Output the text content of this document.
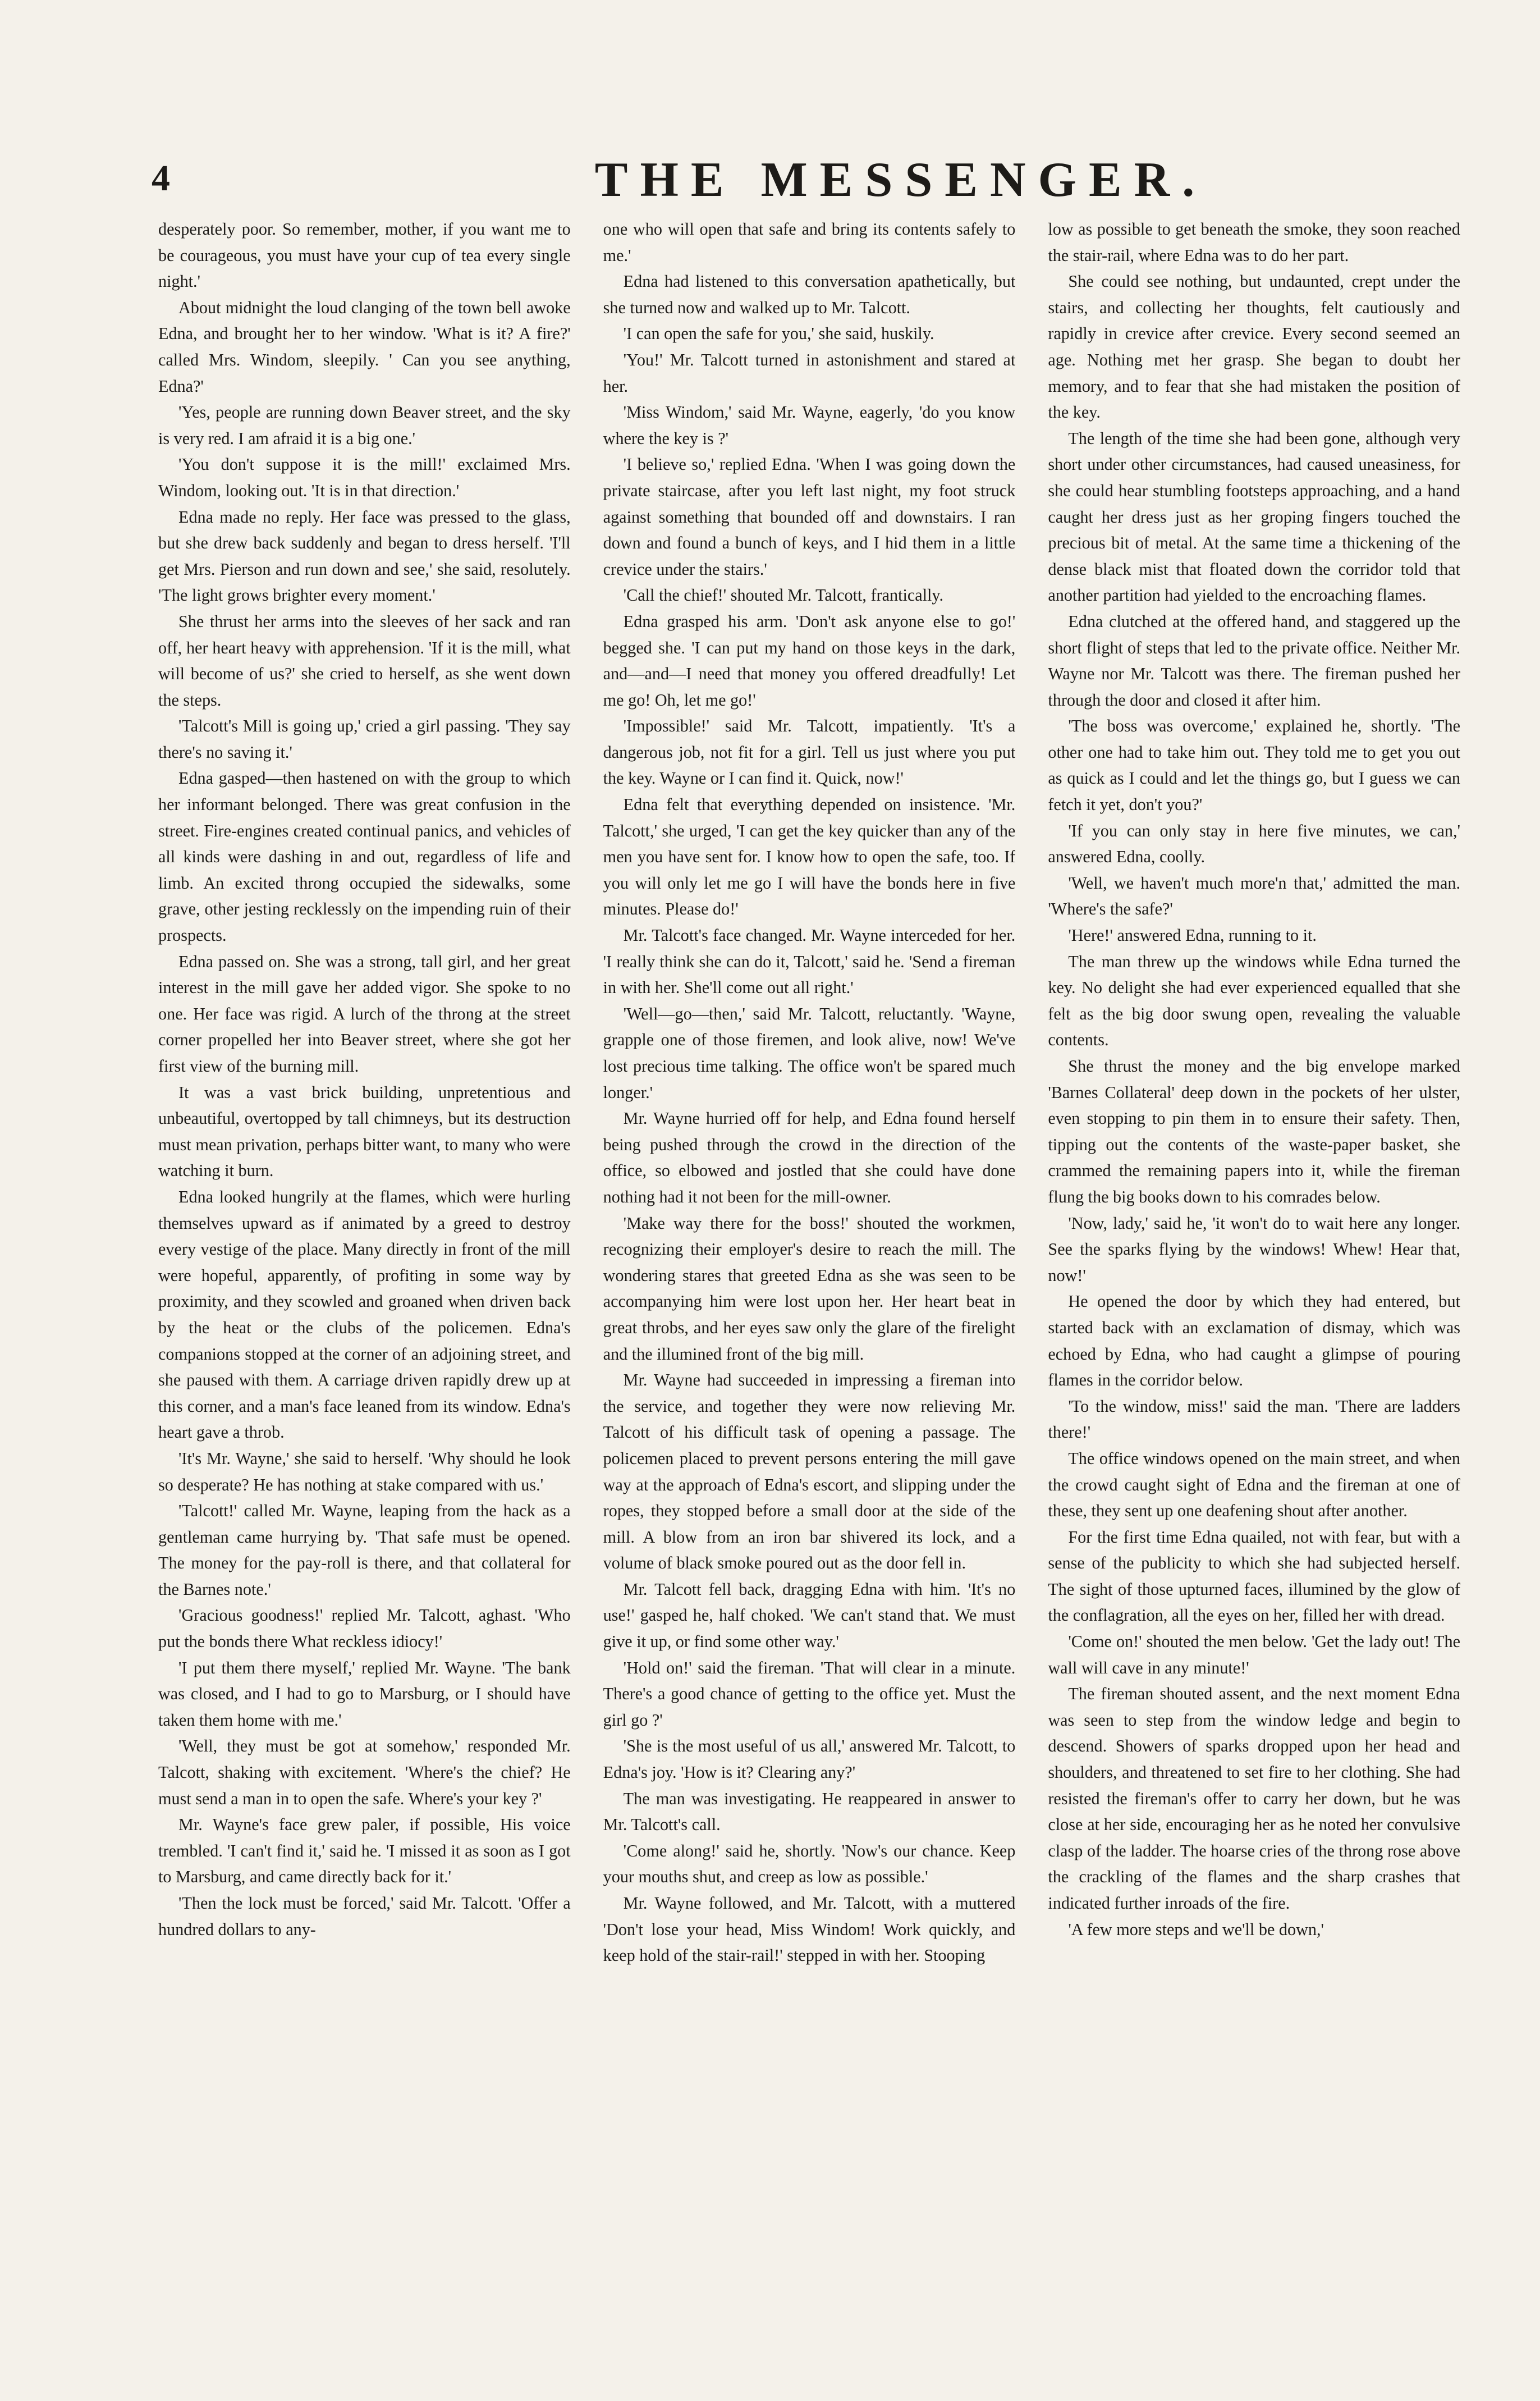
4	THE MESSENGER.

desperately poor. So remember, mother, if you want me to be courageous, you must have your cup of tea every single night.'

About midnight the loud clanging of the town bell awoke Edna, and brought her to her window. 'What is it? A fire?' called Mrs. Windom, sleepily. ' Can you see anything, Edna?'

'Yes, people are running down Beaver street, and the sky is very red. I am afraid it is a big one.'

'You don't suppose it is the mill!' exclaimed Mrs. Windom, looking out. 'It is in that direction.'

Edna made no reply. Her face was pressed to the glass, but she drew back suddenly and began to dress herself. 'I'll get Mrs. Pierson and run down and see,' she said, resolutely. 'The light grows brighter every moment.'

She thrust her arms into the sleeves of her sack and ran off, her heart heavy with apprehension. 'If it is the mill, what will become of us?' she cried to herself, as she went down the steps.

'Talcott's Mill is going up,' cried a girl passing. 'They say there's no saving it.'

Edna gasped—then hastened on with the group to which her informant belonged. There was great confusion in the street. Fire-engines created continual panics, and vehicles of all kinds were dashing in and out, regardless of life and limb. An excited throng occupied the sidewalks, some grave, other jesting recklessly on the impending ruin of their prospects.

Edna passed on. She was a strong, tall girl, and her great interest in the mill gave her added vigor. She spoke to no one. Her face was rigid. A lurch of the throng at the street corner propelled her into Beaver street, where she got her first view of the burning mill.

It was a vast brick building, unpretentious and unbeautiful, overtopped by tall chimneys, but its destruction must mean privation, perhaps bitter want, to many who were watching it burn.

Edna looked hungrily at the flames, which were hurling themselves upward as if animated by a greed to destroy every vestige of the place. Many directly in front of the mill were hopeful, apparently, of profiting in some way by proximity, and they scowled and groaned when driven back by the heat or the clubs of the policemen. Edna's companions stopped at the corner of an adjoining street, and she paused with them. A carriage driven rapidly drew up at this corner, and a man's face leaned from its window. Edna's heart gave a throb.

'It's Mr. Wayne,' she said to herself. 'Why should he look so desperate? He has nothing at stake compared with us.'

'Talcott!' called Mr. Wayne, leaping from the hack as a gentleman came hurrying by. 'That safe must be opened. The money for the pay-roll is there, and that collateral for the Barnes note.'

'Gracious goodness!' replied Mr. Talcott, aghast. 'Who put the bonds there What reckless idiocy!'

'I put them there myself,' replied Mr. Wayne. 'The bank was closed, and I had to go to Marsburg, or I should have taken them home with me.'

'Well, they must be got at somehow,' responded Mr. Talcott, shaking with excitement. 'Where's the chief? He must send a man in to open the safe. Where's your key ?'

Mr. Wayne's face grew paler, if possible, His voice trembled. 'I can't find it,' said he. 'I missed it as soon as I got to Marsburg, and came directly back for it.'

'Then the lock must be forced,' said Mr. Talcott. 'Offer a hundred dollars to any-

one who will open that safe and bring its contents safely to me.'

Edna had listened to this conversation apathetically, but she turned now and walked up to Mr. Talcott.

'I can open the safe for you,' she said, huskily.

'You!' Mr. Talcott turned in astonishment and stared at her.

'Miss Windom,' said Mr. Wayne, eagerly, 'do you know where the key is ?'

'I believe so,' replied Edna. 'When I was going down the private staircase, after you left last night, my foot struck against something that bounded off and downstairs. I ran down and found a bunch of keys, and I hid them in a little crevice under the stairs.'

'Call the chief!' shouted Mr. Talcott, frantically.

Edna grasped his arm. 'Don't ask anyone else to go!' begged she. 'I can put my hand on those keys in the dark, and—and—I need that money you offered dreadfully! Let me go! Oh, let me go!'

'Impossible!' said Mr. Talcott, impatiently. 'It's a dangerous job, not fit for a girl. Tell us just where you put the key. Wayne or I can find it. Quick, now!'

Edna felt that everything depended on insistence. 'Mr. Talcott,' she urged, 'I can get the key quicker than any of the men you have sent for. I know how to open the safe, too. If you will only let me go I will have the bonds here in five minutes. Please do!'

Mr. Talcott's face changed. Mr. Wayne interceded for her. 'I really think she can do it, Talcott,' said he. 'Send a fireman in with her. She'll come out all right.'

'Well—go—then,' said Mr. Talcott, reluctantly. 'Wayne, grapple one of those firemen, and look alive, now! We've lost precious time talking. The office won't be spared much longer.'

Mr. Wayne hurried off for help, and Edna found herself being pushed through the crowd in the direction of the office, so elbowed and jostled that she could have done nothing had it not been for the mill-owner.

'Make way there for the boss!' shouted the workmen, recognizing their employer's desire to reach the mill. The wondering stares that greeted Edna as she was seen to be accompanying him were lost upon her. Her heart beat in great throbs, and her eyes saw only the glare of the firelight and the illumined front of the big mill.

Mr. Wayne had succeeded in impressing a fireman into the service, and together they were now relieving Mr. Talcott of his difficult task of opening a passage. The policemen placed to prevent persons entering the mill gave way at the approach of Edna's escort, and slipping under the ropes, they stopped before a small door at the side of the mill. A blow from an iron bar shivered its lock, and a volume of black smoke poured out as the door fell in.

Mr. Talcott fell back, dragging Edna with him. 'It's no use!' gasped he, half choked. 'We can't stand that. We must give it up, or find some other way.'

'Hold on!' said the fireman. 'That will clear in a minute. There's a good chance of getting to the office yet. Must the girl go ?'

'She is the most useful of us all,' answered Mr. Talcott, to Edna's joy. 'How is it? Clearing any?'

The man was investigating. He reappeared in answer to Mr. Talcott's call.

'Come along!' said he, shortly. 'Now's our chance. Keep your mouths shut, and creep as low as possible.'

Mr. Wayne followed, and Mr. Talcott, with a muttered 'Don't lose your head, Miss Windom! Work quickly, and keep hold of the stair-rail!' stepped in with her. Stooping

low as possible to get beneath the smoke, they soon reached the stair-rail, where Edna was to do her part.

She could see nothing, but undaunted, crept under the stairs, and collecting her thoughts, felt cautiously and rapidly in crevice after crevice. Every second seemed an age. Nothing met her grasp. She began to doubt her memory, and to fear that she had mistaken the position of the key.

The length of the time she had been gone, although very short under other circumstances, had caused uneasiness, for she could hear stumbling footsteps approaching, and a hand caught her dress just as her groping fingers touched the precious bit of metal. At the same time a thickening of the dense black mist that floated down the corridor told that another partition had yielded to the encroaching flames.

Edna clutched at the offered hand, and staggered up the short flight of steps that led to the private office. Neither Mr. Wayne nor Mr. Talcott was there. The fireman pushed her through the door and closed it after him.

'The boss was overcome,' explained he, shortly. 'The other one had to take him out. They told me to get you out as quick as I could and let the things go, but I guess we can fetch it yet, don't you?'

'If you can only stay in here five minutes, we can,' answered Edna, coolly.

'Well, we haven't much more'n that,' admitted the man. 'Where's the safe?'

'Here!' answered Edna, running to it.

The man threw up the windows while Edna turned the key. No delight she had ever experienced equalled that she felt as the big door swung open, revealing the valuable contents.

She thrust the money and the big envelope marked 'Barnes Collateral' deep down in the pockets of her ulster, even stopping to pin them in to ensure their safety. Then, tipping out the contents of the waste-paper basket, she crammed the remaining papers into it, while the fireman flung the big books down to his comrades below.

'Now, lady,' said he, 'it won't do to wait here any longer. See the sparks flying by the windows! Whew! Hear that, now!'

He opened the door by which they had entered, but started back with an exclamation of dismay, which was echoed by Edna, who had caught a glimpse of pouring flames in the corridor below.

'To the window, miss!' said the man. 'There are ladders there!'

The office windows opened on the main street, and when the crowd caught sight of Edna and the fireman at one of these, they sent up one deafening shout after another.

For the first time Edna quailed, not with fear, but with a sense of the publicity to which she had subjected herself. The sight of those upturned faces, illumined by the glow of the conflagration, all the eyes on her, filled her with dread.

'Come on!' shouted the men below. 'Get the lady out! The wall will cave in any minute!'

The fireman shouted assent, and the next moment Edna was seen to step from the window ledge and begin to descend. Showers of sparks dropped upon her head and shoulders, and threatened to set fire to her clothing. She had resisted the fireman's offer to carry her down, but he was close at her side, encouraging her as he noted her convulsive clasp of the ladder. The hoarse cries of the throng rose above the crackling of the flames and the sharp crashes that indicated further inroads of the fire.

'A few more steps and we'll be down,'
